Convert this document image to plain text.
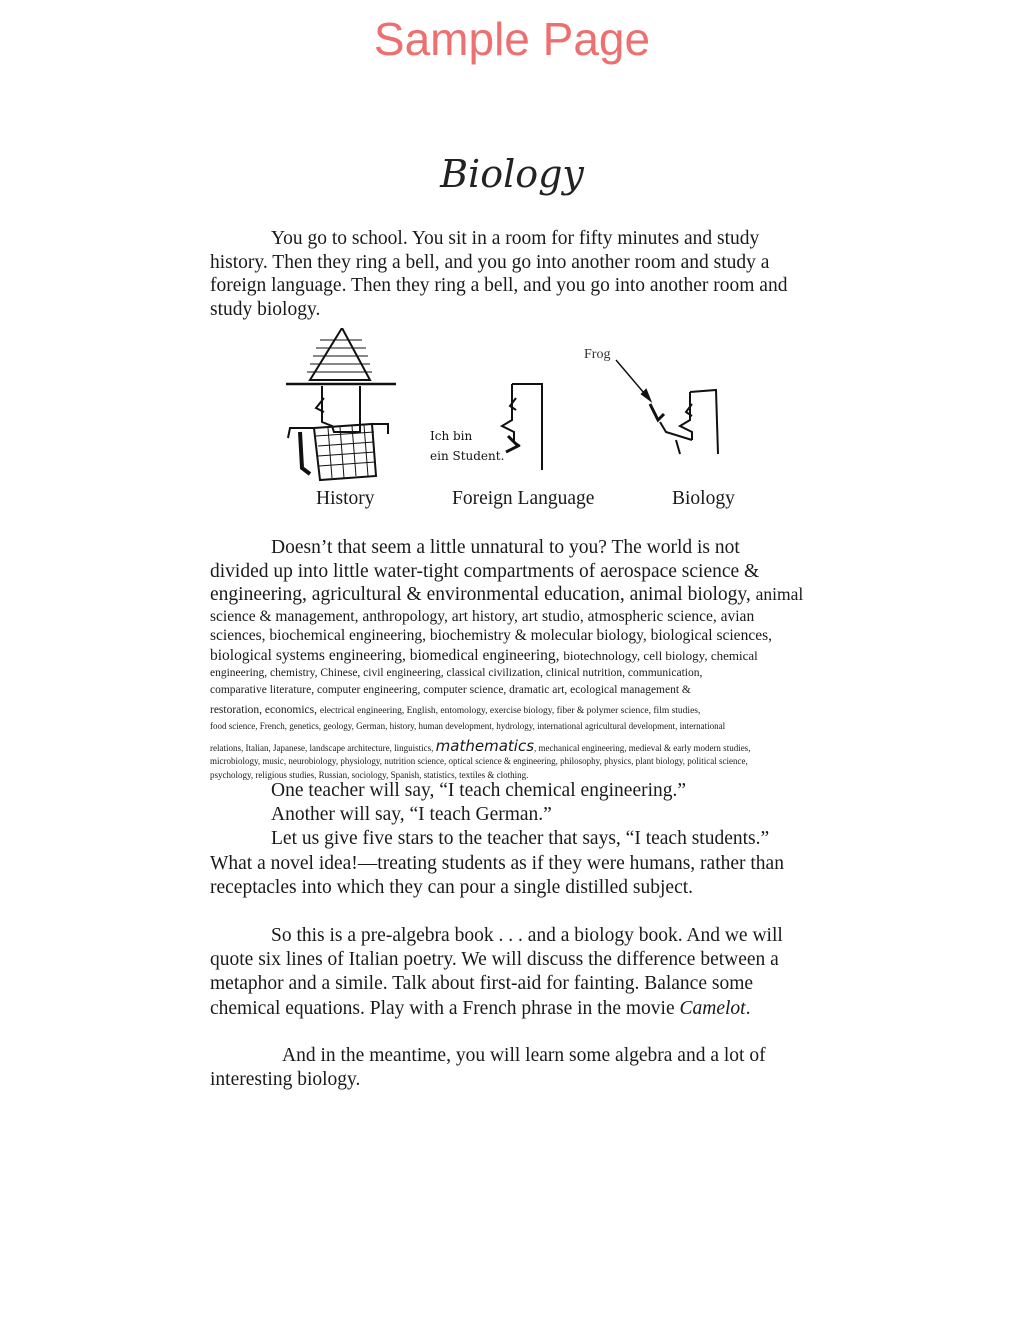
Sample Page
Biology
You go to school. You sit in a room for fifty minutes and study
history. Then they ring a bell, and you go into another room and study a
foreign language. Then they ring a bell, and you go into another room and
study biology.
Ich bin
ein Student.
Frog
History	Foreign Language	Biology
Doesn’t that seem a little unnatural to you? The world is not
divided up into little water-tight compartments of aerospace science &
engineering, agricultural & environmental education, animal biology, animal
science & management, anthropology, art history, art studio, atmospheric science, avian
sciences, biochemical engineering, biochemistry & molecular biology, biological sciences,
biological systems engineering, biomedical engineering, biotechnology, cell biology, chemical
engineering, chemistry, Chinese, civil engineering, classical civilization, clinical nutrition, communication,
comparative literature, computer engineering, computer science, dramatic art, ecological management &
restoration, economics, electrical engineering, English, entomology, exercise biology, fiber & polymer science, film studies,
food science, French, genetics, geology, German, history, human development, hydrology, international agricultural development, international
relations, Italian, Japanese, landscape architecture, linguistics, mathematics, mechanical engineering, medieval & early modern studies,
microbiology, music, neurobiology, physiology, nutrition science, optical science & engineering, philosophy, physics, plant biology, political science,
psychology, religious studies, Russian, sociology, Spanish, statistics, textiles & clothing.
One teacher will say, “I teach chemical engineering.”
Another will say, “I teach German.”
Let us give five stars to the teacher that says, “I teach students.”
What a novel idea!—treating students as if they were humans, rather than
receptacles into which they can pour a single distilled subject.
So this is a pre-algebra book . . . and a biology book. And we will
quote six lines of Italian poetry. We will discuss the difference between a
metaphor and a simile. Talk about first-aid for fainting. Balance some
chemical equations. Play with a French phrase in the movie Camelot.
And in the meantime, you will learn some algebra and a lot of
interesting biology.
